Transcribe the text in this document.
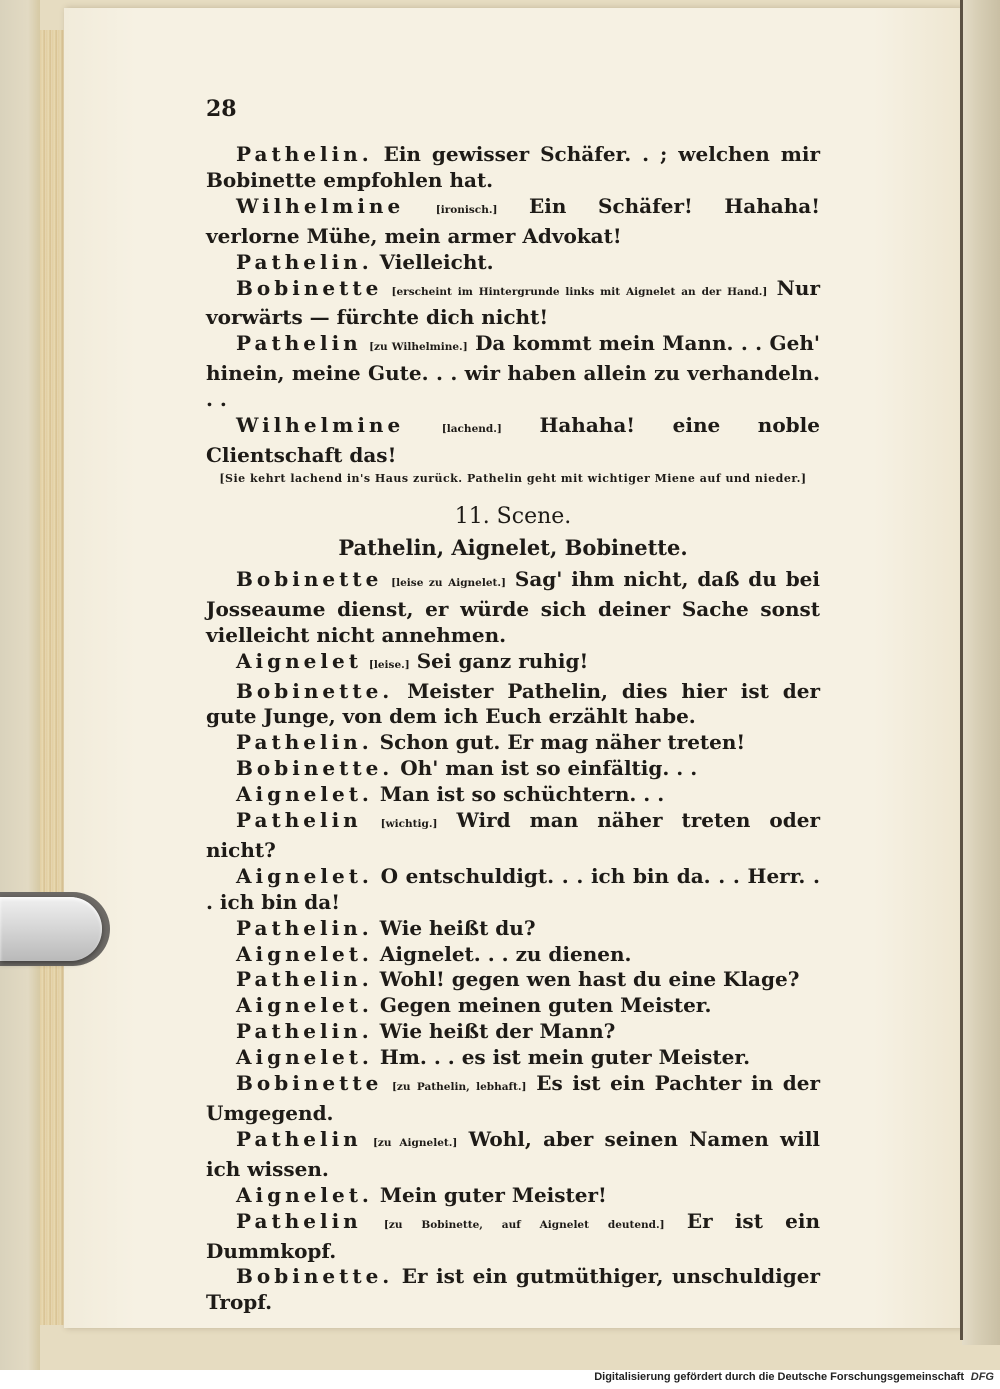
28

Pathelin. Ein gewisser Schäfer. . ; welchen mir Bobinette empfohlen hat.

Wilhelmine	[ironisch.] Ein Schäfer! Hahaha! verlorne Mühe, mein armer Advokat!

Pathelin. Vielleicht.

Bobinette [erscheint im Hintergrunde links mit Aignelet an der Hand.] Nur vorwärts — fürchte dich nicht!

Pathelin [zu Wilhelmine.] Da kommt mein Mann. . . Geh' hinein, meine Gute. . . wir haben allein zu verhandeln. . .

Wilhelmine	[lachend.] Hahaha! eine noble Clientschaft das!

[Sie kehrt lachend in's Haus zurück. Pathelin geht mit wichtiger Miene auf und nieder.]

11. Scene.
Pathelin, Aignelet, Bobinette.

Bobinette [leise zu Aignelet.] Sag' ihm nicht, daß du bei Josseaume dienst, er würde sich deiner Sache sonst vielleicht nicht annehmen.

Aignelet [leise.] Sei ganz ruhig!

Bobinette. Meister Pathelin, dies hier ist der gute Junge, von dem ich Euch erzählt habe.

Pathelin. Schon gut. Er mag näher treten!

Bobinette. Oh' man ist so einfältig. . .

Aignelet. Man ist so schüchtern. . .

Pathelin [wichtig.] Wird man näher treten oder nicht?

Aignelet. O entschuldigt. . . ich bin da. . . Herr. . . ich bin da!

Pathelin. Wie heißt du?

Aignelet. Aignelet. . . zu dienen.

Pathelin. Wohl! gegen wen hast du eine Klage?

Aignelet. Gegen meinen guten Meister.

Pathelin. Wie heißt der Mann?

Aignelet. Hm. . . es ist mein guter Meister.

Bobinette [zu Pathelin, lebhaft.] Es ist ein Pachter in der Umgegend.

Pathelin [zu Aignelet.] Wohl, aber seinen Namen will ich wissen.

Aignelet. Mein guter Meister!

Pathelin [zu Bobinette, auf Aignelet deutend.] Er ist ein Dummkopf.

Bobinette. Er ist ein gutmüthiger, unschuldiger Tropf.

Digitalisierung gefördert durch die Deutsche Forschungsgemeinschaft DFG
